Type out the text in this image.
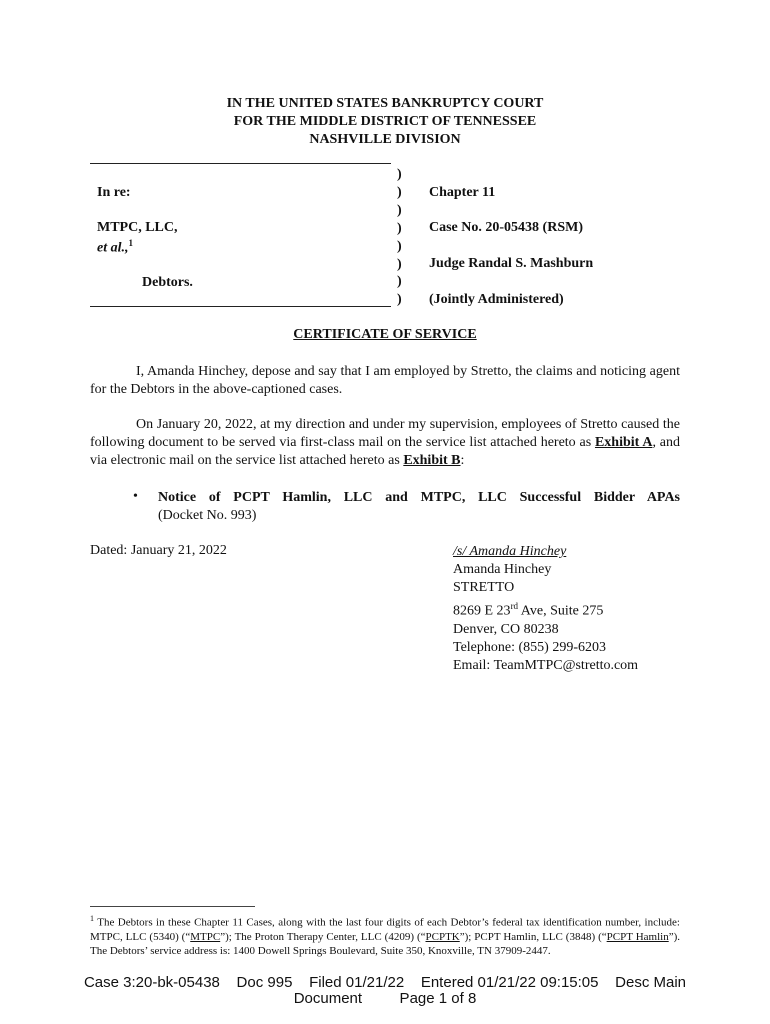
IN THE UNITED STATES BANKRUPTCY COURT
FOR THE MIDDLE DISTRICT OF TENNESSEE
NASHVILLE DIVISION
In re:
MTPC, LLC,
et al.,$^1$
Debtors.
)
)
)
)
)
)
)
)
Chapter 11
Case No. 20-05438 (RSM)
Judge Randal S. Mashburn
(Jointly Administered)
CERTIFICATE OF SERVICE
I, Amanda Hinchey, depose and say that I am employed by Stretto, the claims and noticing agent for the Debtors in the above-captioned cases.
On January 20, 2022, at my direction and under my supervision, employees of Stretto caused the following document to be served via first-class mail on the service list attached hereto as Exhibit A, and via electronic mail on the service list attached hereto as Exhibit B:
• Notice of PCPT Hamlin, LLC and MTPC, LLC Successful Bidder APAs
(Docket No. 993)
Dated: January 21, 2022	/s/ Amanda Hinchey
Amanda Hinchey
STRETTO
8269 E 23rd Ave, Suite 275
Denver, CO 80238
Telephone: (855) 299-6203
Email: TeamMTPC@stretto.com
$^1$ The Debtors in these Chapter 11 Cases, along with the last four digits of each Debtor’s federal tax identification number, include: MTPC, LLC (5340) (“MTPC”); The Proton Therapy Center, LLC (4209) (“PCPTK”); PCPT Hamlin, LLC (3848) (“PCPT Hamlin”). The Debtors’ service address is: 1400 Dowell Springs Boulevard, Suite 350, Knoxville, TN 37909-2447.
Case 3:20-bk-05438    Doc 995    Filed 01/21/22    Entered 01/21/22 09:15:05    Desc Main
Document         Page 1 of 8
